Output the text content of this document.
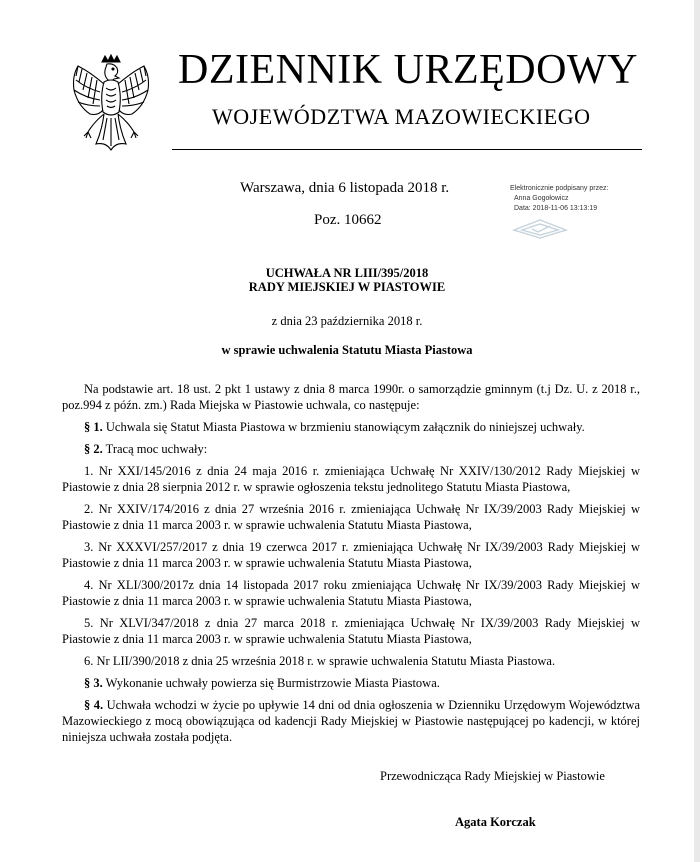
DZIENNIK URZĘDOWY
WOJEWÓDZTWA MAZOWIECKIEGO
Warszawa, dnia 6 listopada 2018 r.
Poz. 10662
Elektronicznie podpisany przez:
Anna Gogołowicz
Data: 2018-11-06 13:13:19
UCHWAŁA NR LIII/395/2018
RADY MIEJSKIEJ W PIASTOWIE
z dnia 23 października 2018 r.
w sprawie uchwalenia Statutu Miasta Piastowa

Na podstawie art. 18 ust. 2 pkt 1 ustawy z dnia 8 marca 1990r. o samorządzie gminnym (t.j Dz. U. z 2018 r., poz.994 z późn. zm.) Rada Miejska w Piastowie uchwala, co następuje:

§ 1. Uchwala się Statut Miasta Piastowa w brzmieniu stanowiącym załącznik do niniejszej uchwały.

§ 2. Tracą moc uchwały:

1. Nr XXI/145/2016 z dnia 24 maja 2016 r. zmieniająca Uchwałę Nr XXIV/130/2012 Rady Miejskiej w Piastowie z dnia 28 sierpnia 2012 r. w sprawie ogłoszenia tekstu jednolitego Statutu Miasta Piastowa,

2. Nr XXIV/174/2016 z dnia 27 września 2016 r. zmieniająca Uchwałę Nr IX/39/2003 Rady Miejskiej w Piastowie z dnia 11 marca 2003 r. w sprawie uchwalenia Statutu Miasta Piastowa,

3. Nr XXXVI/257/2017 z dnia 19 czerwca 2017 r. zmieniająca Uchwałę Nr IX/39/2003 Rady Miejskiej w Piastowie z dnia 11 marca 2003 r. w sprawie uchwalenia Statutu Miasta Piastowa,

4. Nr XLI/300/2017z dnia 14 listopada 2017 roku zmieniająca Uchwałę Nr IX/39/2003 Rady Miejskiej w Piastowie z dnia 11 marca 2003 r. w sprawie uchwalenia Statutu Miasta Piastowa,

5. Nr XLVI/347/2018 z dnia 27 marca 2018 r. zmieniająca Uchwałę Nr IX/39/2003 Rady Miejskiej w Piastowie z dnia 11 marca 2003 r. w sprawie uchwalenia Statutu Miasta Piastowa,

6. Nr LII/390/2018 z dnia 25 września 2018 r. w sprawie uchwalenia Statutu Miasta Piastowa.

§ 3. Wykonanie uchwały powierza się Burmistrzowie Miasta Piastowa.

§ 4. Uchwała wchodzi w życie po upływie 14 dni od dnia ogłoszenia w Dzienniku Urzędowym Województwa Mazowieckiego z mocą obowiązująca od kadencji Rady Miejskiej w Piastowie następującej po kadencji, w której niniejsza uchwała została podjęta.

Przewodnicząca Rady Miejskiej w Piastowie
Agata Korczak
